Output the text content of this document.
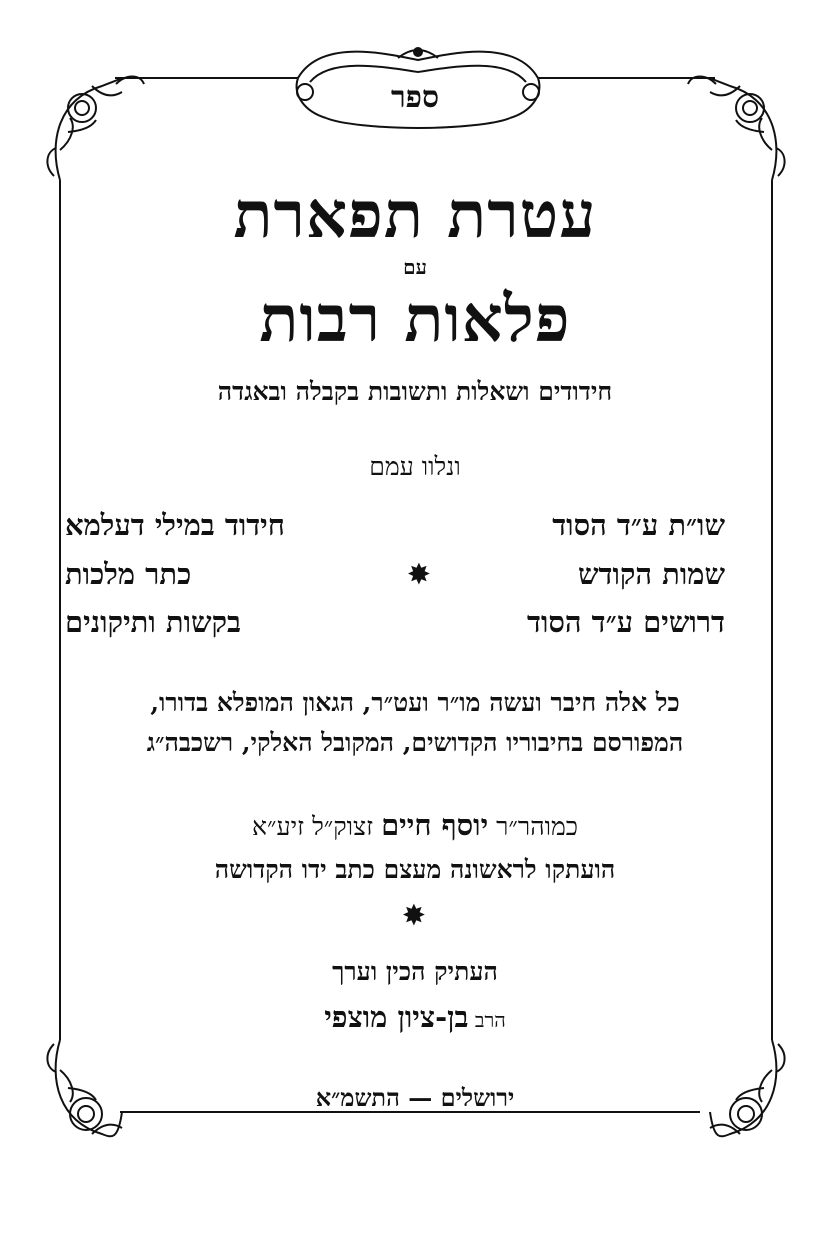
ספר
עטרת תפארת
עם
פלאות רבות
חידודים ושאלות ותשובות בקבלה ובאגדה
ונלוו עמם
שו״ת ע״ד הסוד
שמות הקודש
דרושים ע״ד הסוד
חידוד במילי דעלמא
כתר מלכות
בקשות ותיקונים
✸
כל אלה חיבר ועשה מו״ר ועט״ר, הגאון המופלא בדורו,
המפורסם בחיבוריו הקדושים, המקובל האלקי, רשכבה״ג
כמוהר״ר יוסף חיים זצוק״ל זיע״א
הועתקו לראשונה מעצם כתב ידו הקדושה
✸
העתיק הכין וערך
הרב בן-ציון מוצפי
ירושלים — התשמ״א
